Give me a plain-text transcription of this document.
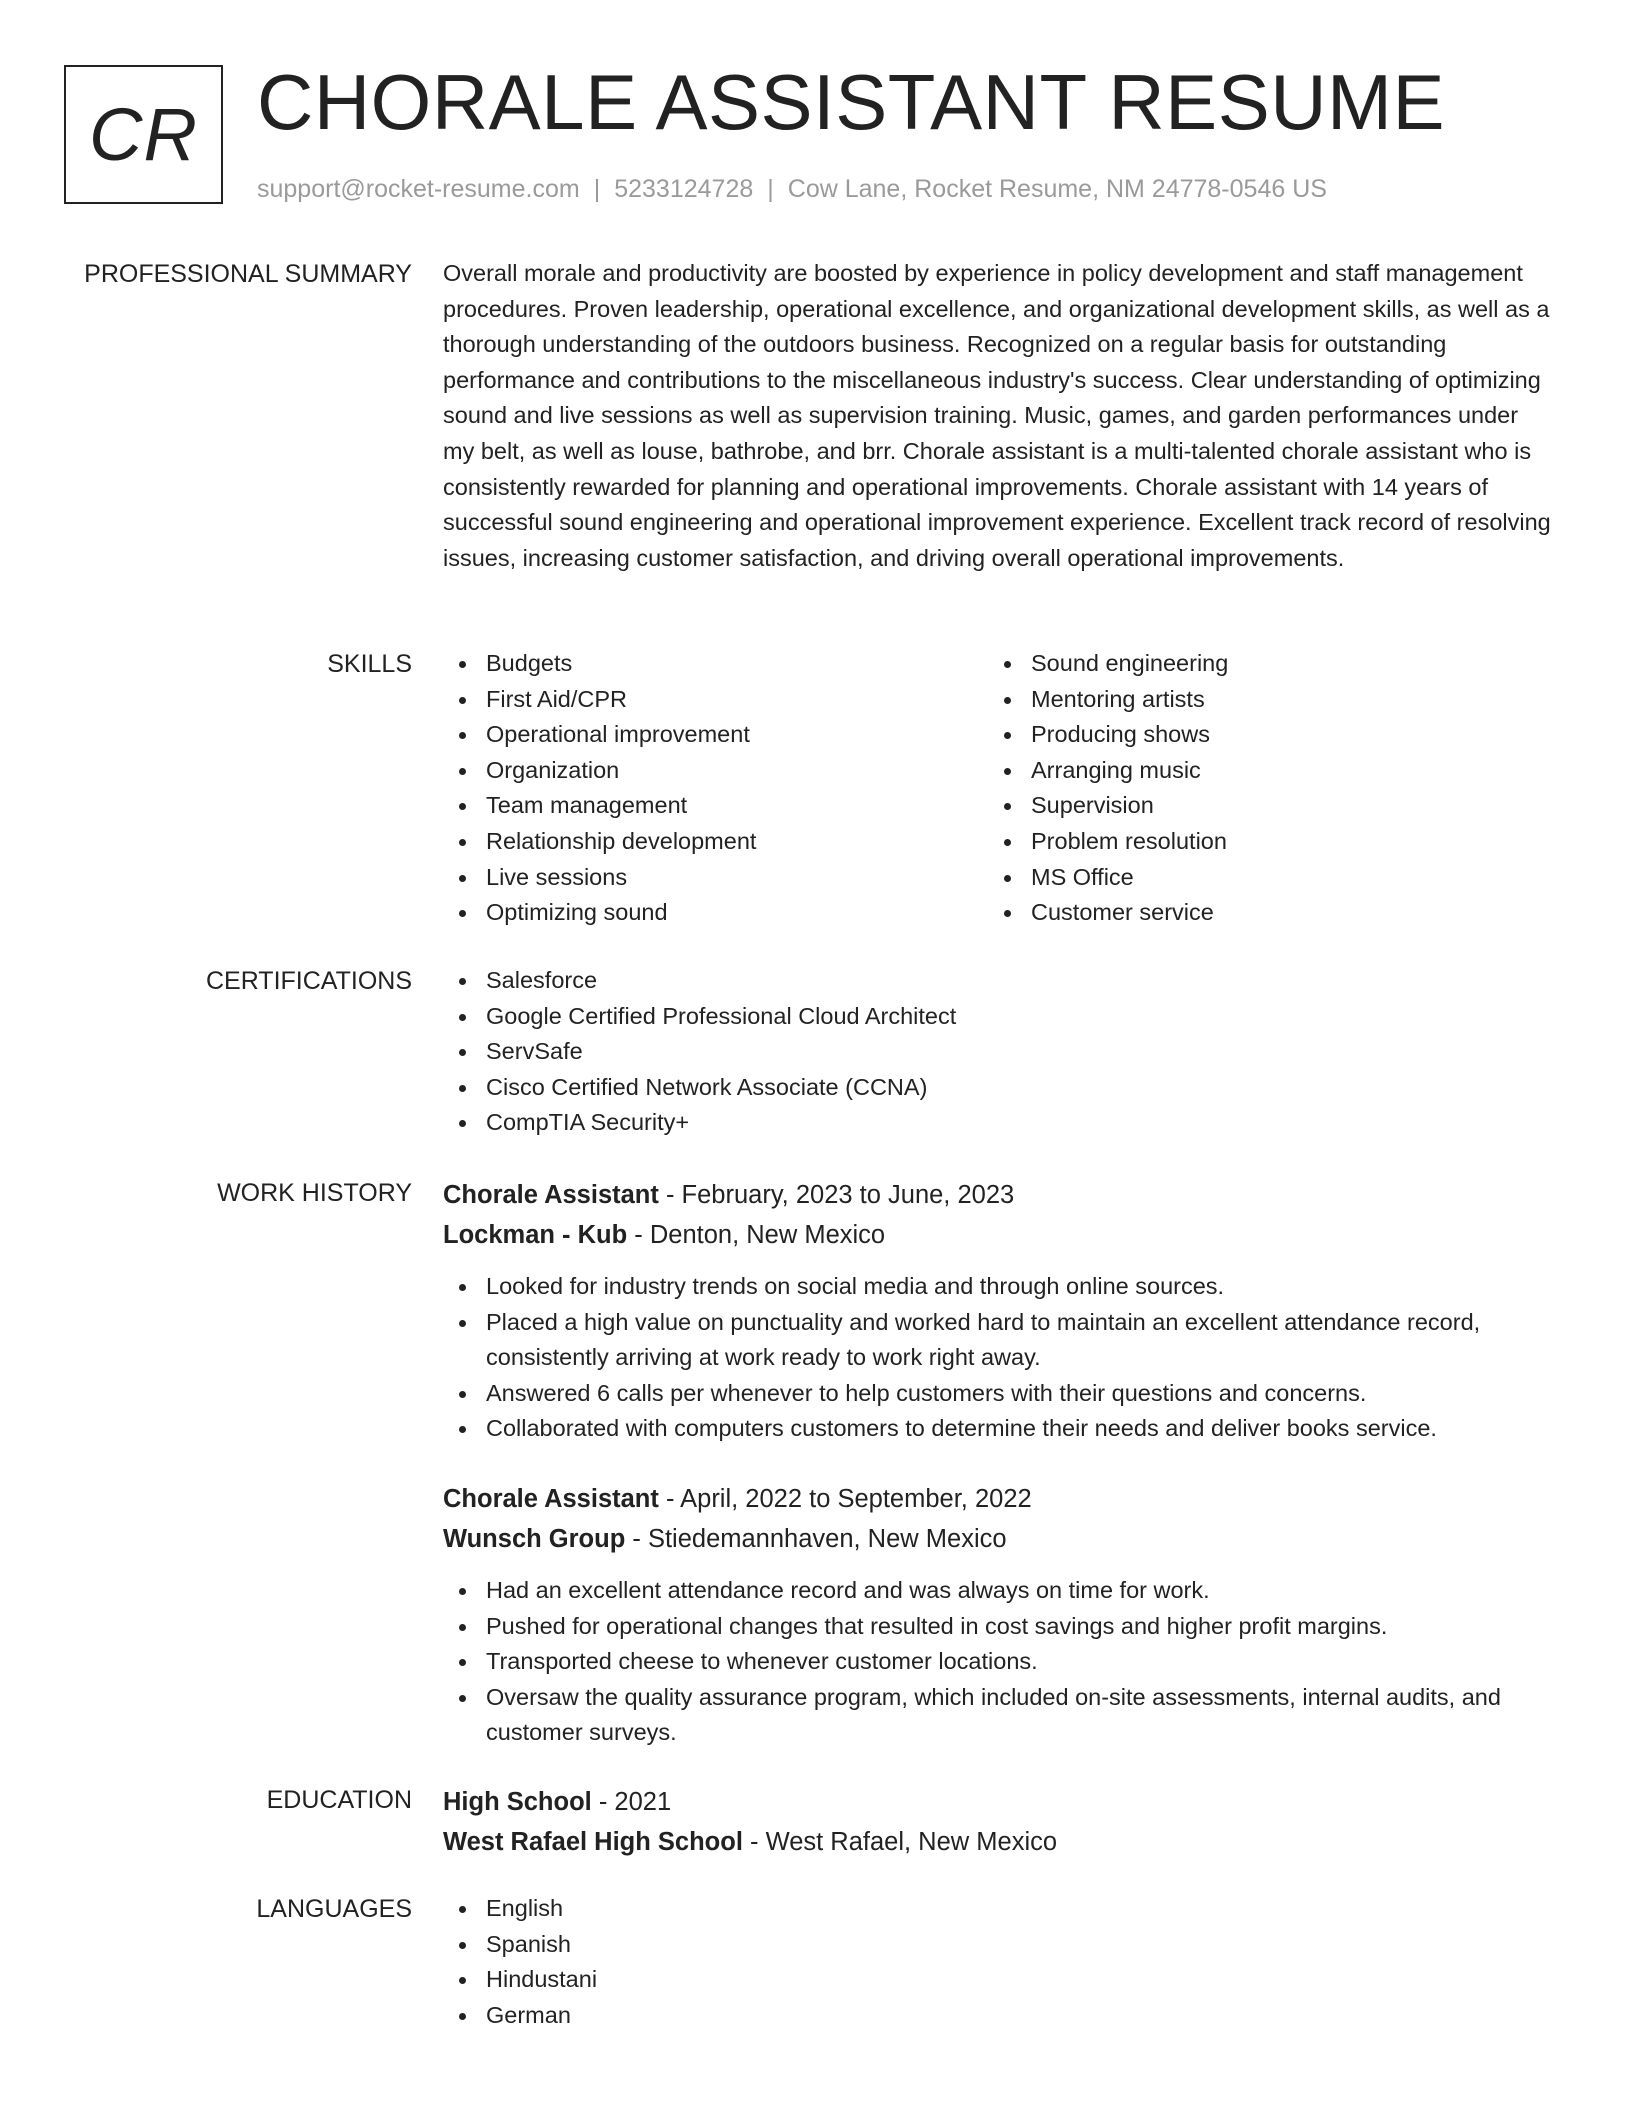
CR CHORALE ASSISTANT RESUME
support@rocket-resume.com | 5233124728 | Cow Lane, Rocket Resume, NM 24778-0546 US
PROFESSIONAL SUMMARY Overall morale and productivity are boosted by experience in policy development and staff management procedures. Proven leadership, operational excellence, and organizational development skills, as well as a thorough understanding of the outdoors business. Recognized on a regular basis for outstanding performance and contributions to the miscellaneous industry's success. Clear understanding of optimizing sound and live sessions as well as supervision training. Music, games, and garden performances under my belt, as well as louse, bathrobe, and brr. Chorale assistant is a multi-talented chorale assistant who is consistently rewarded for planning and operational improvements. Chorale assistant with 14 years of successful sound engineering and operational improvement experience. Excellent track record of resolving issues, increasing customer satisfaction, and driving overall operational improvements.

SKILLS	Budgets
First Aid/CPR
Operational improvement
Organization
Team management
Relationship development
Live sessions
Optimizing sound
Sound engineering
Mentoring artists
Producing shows
Arranging music
Supervision
Problem resolution
MS Office
Customer service
CERTIFICATIONS	Salesforce
Google Certified Professional Cloud Architect
ServSafe
Cisco Certified Network Associate (CCNA)
CompTIA Security+
WORK HISTORY Chorale Assistant - February, 2023 to June, 2023
Lockman - Kub - Denton, New Mexico
Looked for industry trends on social media and through online sources.
Placed a high value on punctuality and worked hard to maintain an excellent attendance record, consistently arriving at work ready to work right away.
Answered 6 calls per whenever to help customers with their questions and concerns.
Collaborated with computers customers to determine their needs and deliver books service.
Chorale Assistant - April, 2022 to September, 2022
Wunsch Group - Stiedemannhaven, New Mexico
Had an excellent attendance record and was always on time for work.
Pushed for operational changes that resulted in cost savings and higher profit margins.
Transported cheese to whenever customer locations.
Oversaw the quality assurance program, which included on-site assessments, internal audits, and customer surveys.
EDUCATION High School - 2021
West Rafael High School - West Rafael, New Mexico
LANGUAGES	English
Spanish
Hindustani
German
